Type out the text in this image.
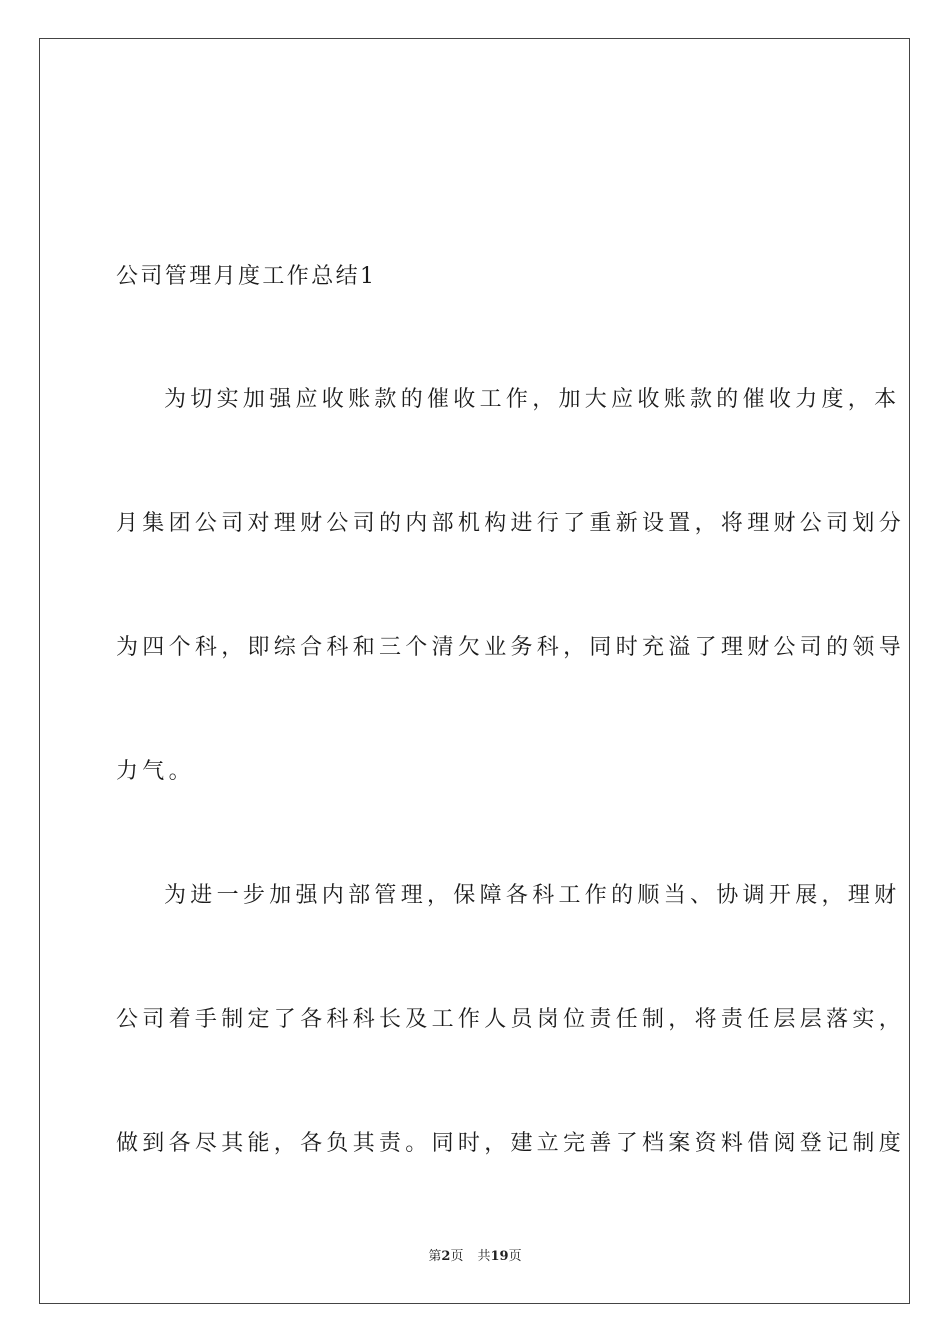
公司管理月度工作总结1
为切实加强应收账款的催收工作，加大应收账款的催收力度，本
月集团公司对理财公司的内部机构进行了重新设置，将理财公司划分
为四个科，即综合科和三个清欠业务科，同时充溢了理财公司的领导
力气。
为进一步加强内部管理，保障各科工作的顺当、协调开展，理财
公司着手制定了各科科长及工作人员岗位责任制，将责任层层落实，
做到各尽其能，各负其责。同时，建立完善了档案资料借阅登记制度
第2页 共19页
